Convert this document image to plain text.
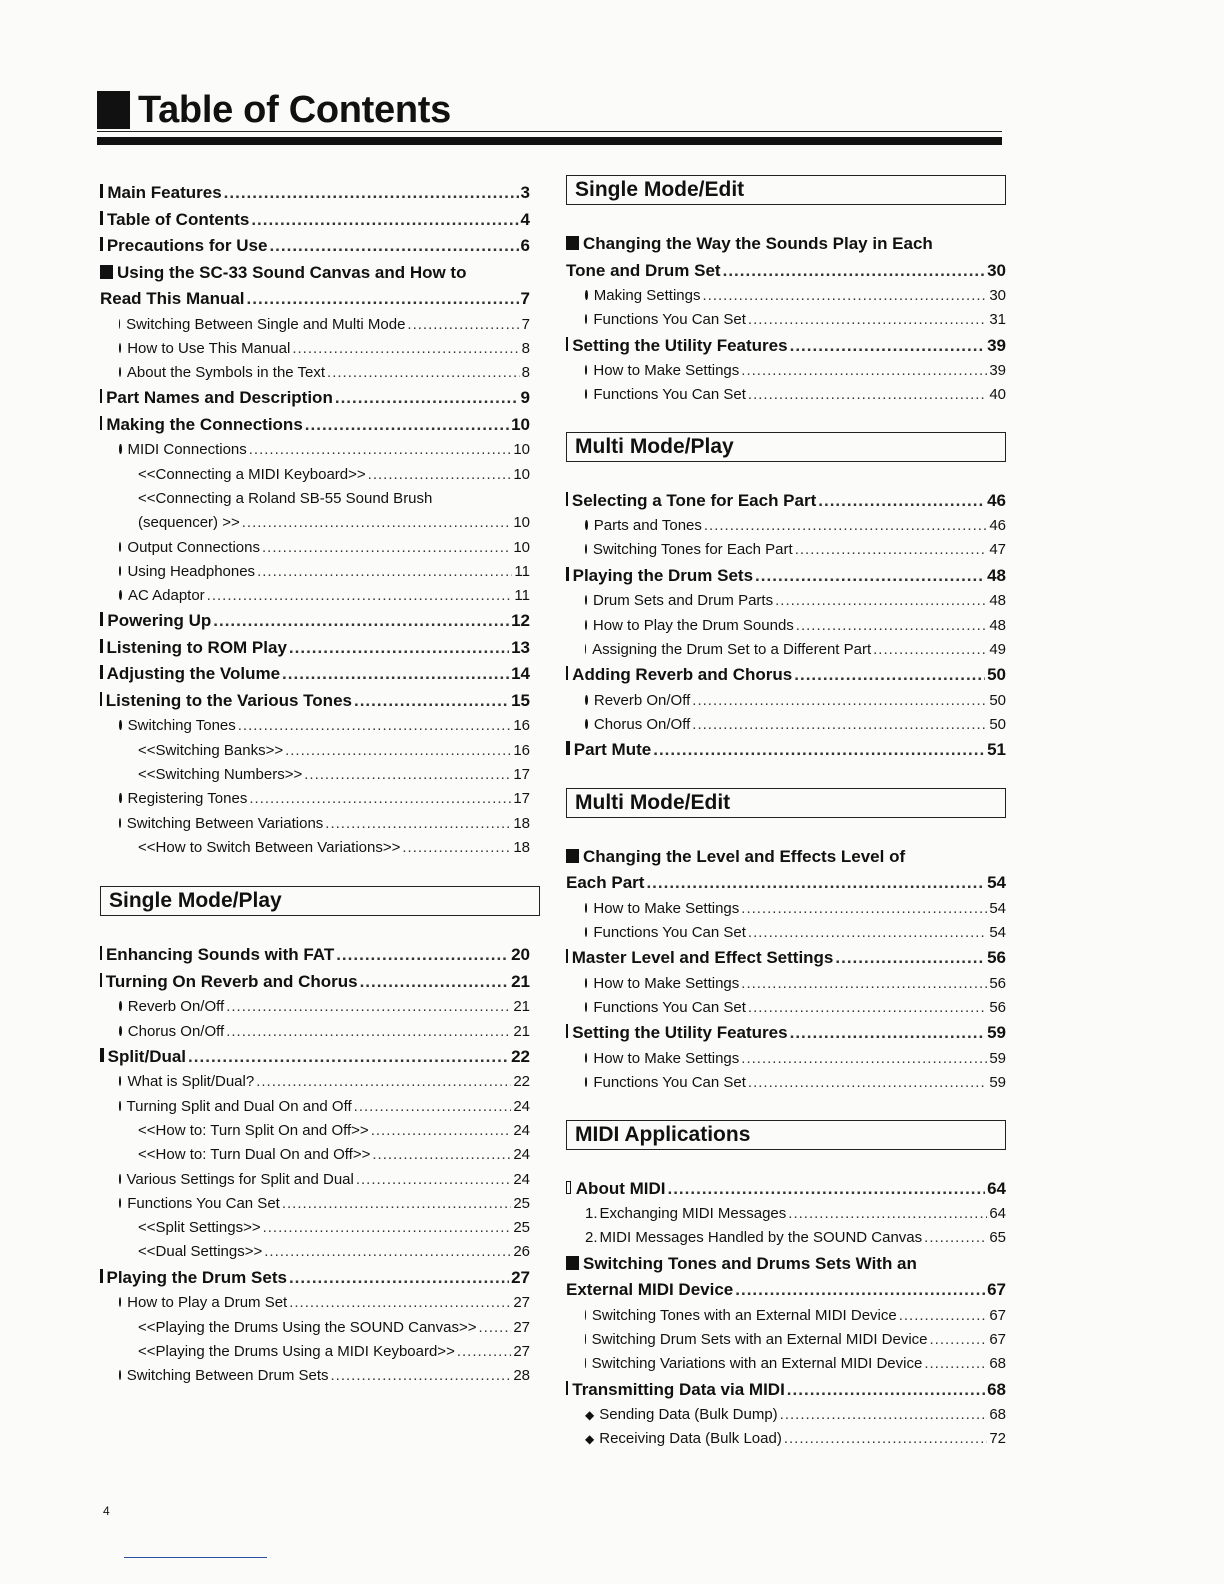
Table of Contents
Main Features .....	3
Table of Contents .....	4
Precautions for Use .....	6
Using the SC-33 Sound Canvas and How to
Read This Manual .....	7
Switching Between Single and Multi Mode .....	7
How to Use This Manual .....	8
About the Symbols in the Text .....	8
Part Names and Description .....	9
Making the Connections .....	10
MIDI Connections .....	10
<<Connecting a MIDI Keyboard>> .....	10
<<Connecting a Roland SB-55 Sound Brush
(sequencer) >> .....	10
Output Connections .....	10
Using Headphones .....	11
AC Adaptor .....	11
Powering Up .....	12
Listening to ROM Play .....	13
Adjusting the Volume .....	14
Listening to the Various Tones .....	15
Switching Tones .....	16
<<Switching Banks>> .....	16
<<Switching Numbers>> .....	17
Registering Tones .....	17
Switching Between Variations .....	18
<<How to Switch Between Variations>> .....	18
Single Mode/Play
Enhancing Sounds with FAT .....	20
Turning On Reverb and Chorus .....	21
Reverb On/Off .....	21
Chorus On/Off .....	21
Split/Dual .....	22
What is Split/Dual? .....	22
Turning Split and Dual On and Off .....	24
<<How to: Turn Split On and Off>> .....	24
<<How to: Turn Dual On and Off>> .....	24
Various Settings for Split and Dual .....	24
Functions You Can Set .....	25
<<Split Settings>> .....	25
<<Dual Settings>> .....	26
Playing the Drum Sets .....	27
How to Play a Drum Set .....	27
<<Playing the Drums Using the SOUND Canvas>> ..... 27
<<Playing the Drums Using a MIDI Keyboard>> .....	27
Switching Between Drum Sets .....	28
Single Mode/Edit
Changing the Way the Sounds Play in Each
Tone and Drum Set .....	30
Making Settings .....	30
Functions You Can Set .....	31
Setting the Utility Features .....	39
How to Make Settings .....	39
Functions You Can Set .....	40
Multi Mode/Play
Selecting a Tone for Each Part .....	46
Parts and Tones .....	46
Switching Tones for Each Part .....	47
Playing the Drum Sets .....	48
Drum Sets and Drum Parts .....	48
How to Play the Drum Sounds .....	48
Assigning the Drum Set to a Different Part .....	49
Adding Reverb and Chorus .....	50
Reverb On/Off .....	50
Chorus On/Off .....	50
Part Mute .....	51
Multi Mode/Edit
Changing the Level and Effects Level of
Each Part .....	54
How to Make Settings .....	54
Functions You Can Set .....	54
Master Level and Effect Settings .....	56
How to Make Settings .....	56
Functions You Can Set .....	56
Setting the Utility Features .....	59
How to Make Settings .....	59
Functions You Can Set .....	59
MIDI Applications
About MIDI .....	64
1. Exchanging MIDI Messages .....	64
2. MIDI Messages Handled by the SOUND Canvas .....	65
Switching Tones and Drums Sets With an
External MIDI Device .....	67
Switching Tones with an External MIDI Device .....	67
Switching Drum Sets with an External MIDI Device .....	67
Switching Variations with an External MIDI Device .....	68
Transmitting Data via MIDI .....	68
◆ Sending Data (Bulk Dump) .....	68
◆ Receiving Data (Bulk Load) .....	72
4
